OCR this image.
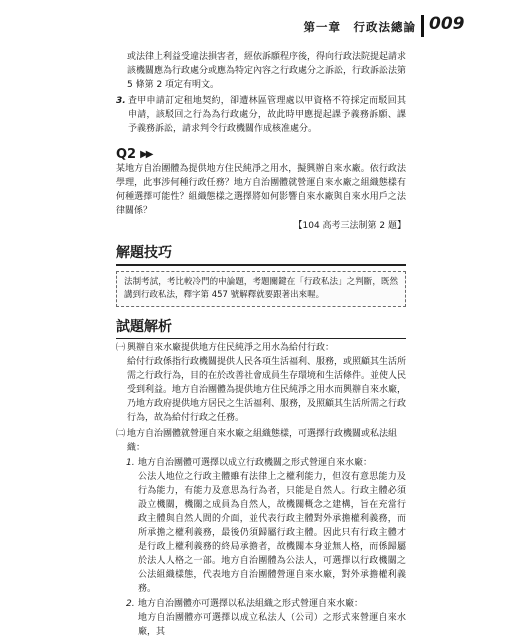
第一章　行政法總論 009

或法律上利益受違法損害者，經依訴願程序後，得向行政法院提起請求該機關應為行政處分或應為特定內容之行政處分之訴訟，行政訴訟法第 5 條第 2 項定有明文。

3. 査甲申請訂定租地契約，卻遭林區管理處以甲資格不符採定而駁回其申請，該駁回之行為為行政處分，故此時甲應提起課予義務訴願、課予義務訴訟，請求判令行政機關作成核准處分。

Q2 ▶▶

某地方自治團體為提供地方住民純淨之用水，擬興辦自來水廠。依行政法學理，此事涉何種行政任務？地方自治團體就營運自來水廠之組織態樣有何種選擇可能性？組織態樣之選擇將如何影響自來水廠與自來水用戶之法律關係？

【104 高考三法制第 2 題】

解題技巧

法制考試，考比較冷門的申論題，考題關鍵在「行政私法」之判斷，既然講到行政私法，釋字第 457 號解釋就要跟著出來喔。

試題解析
㈠ 興辦自來水廠提供地方住民純淨之用水為給付行政：

給付行政係指行政機關提供人民各項生活福利、服務，或照顧其生活所需之行政行為，目的在於改善社會成員生存環境和生活條件。並使人民受到利益。地方自治團體為提供地方住民純淨之用水而興辦自來水廠，乃地方政府提供地方居民之生活福利、服務，及照顧其生活所需之行政行為，故為給付行政之任務。

㈡ 地方自治團體就營運自來水廠之組織態樣，可選擇行政機關或私法組織：
1. 地方自治團體可選擇以成立行政機關之形式營運自來水廠：

公法人地位之行政主體雖有法律上之權利能力，但沒有意思能力及行為能力，有能力及意思為行為者，只能是自然人。行政主體必須設立機關，機關之成員為自然人，故機關概念之建構，旨在充當行政主體與自然人間的介面，並代表行政主體對外承擔權利義務，而所承擔之權利義務，最後仍須歸屬行政主體。因此只有行政主體才是行政上權利義務的終局承擔者，故機關本身並無人格，而係歸屬於法人人格之一部。地方自治團體為公法人，可選擇以行政機關之公法組織樣態，代表地方自治團體營運自來水廠，對外承擔權利義務。

2. 地方自治團體亦可選擇以私法組織之形式營運自來水廠：

地方自治團體亦可選擇以成立私法人（公司）之形式來營運自來水廠，其
